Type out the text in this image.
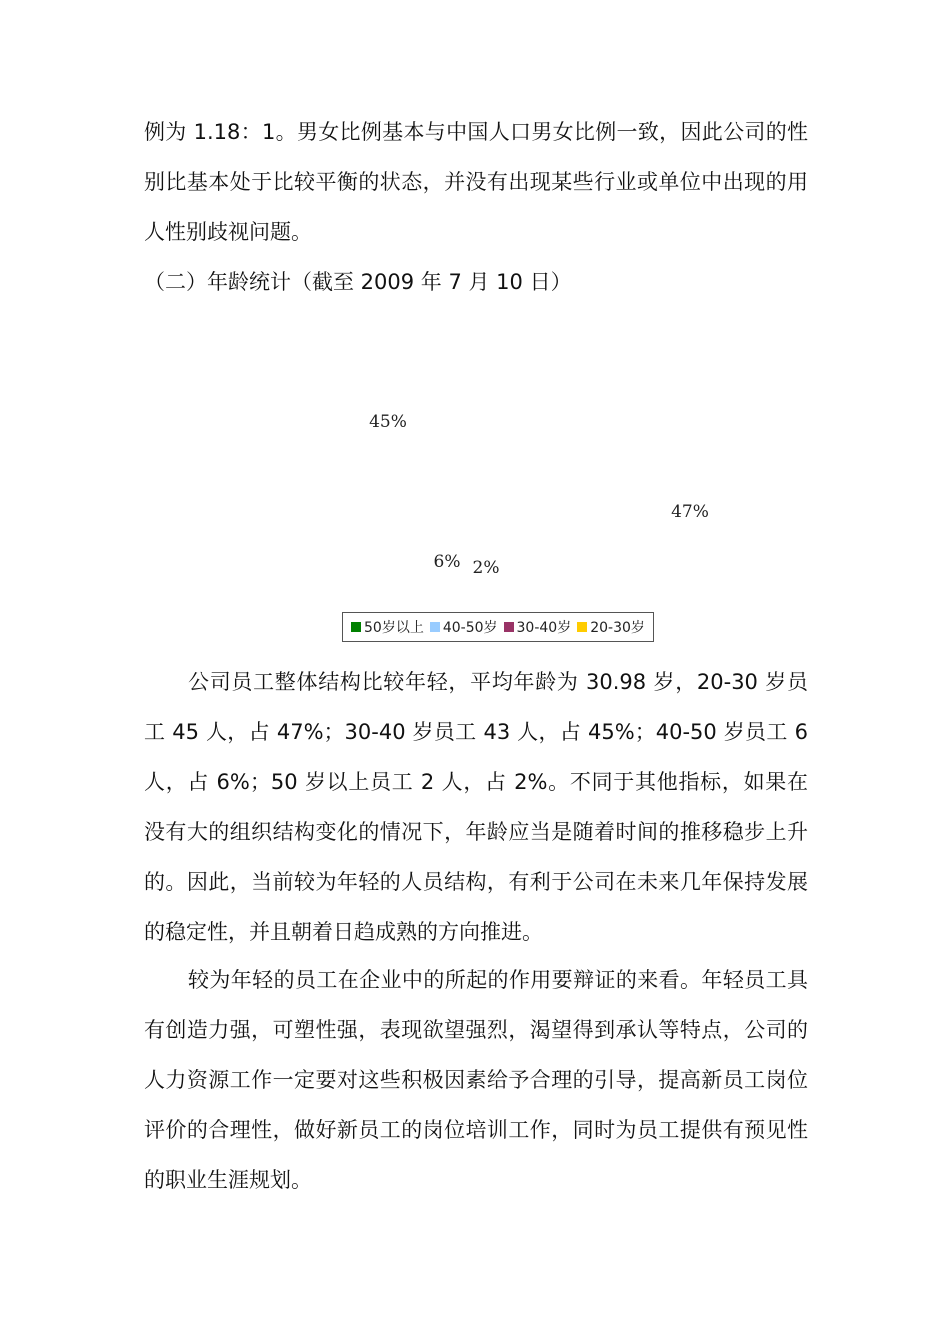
例为 1.18：1。男女比例基本与中国人口男女比例一致，因此公司的性别比基本处于比较平衡的状态，并没有出现某些行业或单位中出现的用人性别歧视问题。

（二）年龄统计（截至 2009 年 7 月 10 日）

2%
6%
45%
47%
50岁以上 40-50岁 30-40岁 20-30岁

公司员工整体结构比较年轻，平均年龄为 30.98 岁，20-30 岁员工 45 人，占 47%；30-40 岁员工 43 人，占 45%；40-50 岁员工 6 人，占 6%；50 岁以上员工 2 人，占 2%。不同于其他指标，如果在没有大的组织结构变化的情况下，年龄应当是随着时间的推移稳步上升的。因此，当前较为年轻的人员结构，有利于公司在未来几年保持发展的稳定性，并且朝着日趋成熟的方向推进。

较为年轻的员工在企业中的所起的作用要辩证的来看。年轻员工具有创造力强，可塑性强，表现欲望强烈，渴望得到承认等特点，公司的人力资源工作一定要对这些积极因素给予合理的引导，提高新员工岗位评价的合理性，做好新员工的岗位培训工作，同时为员工提供有预见性的职业生涯规划。
